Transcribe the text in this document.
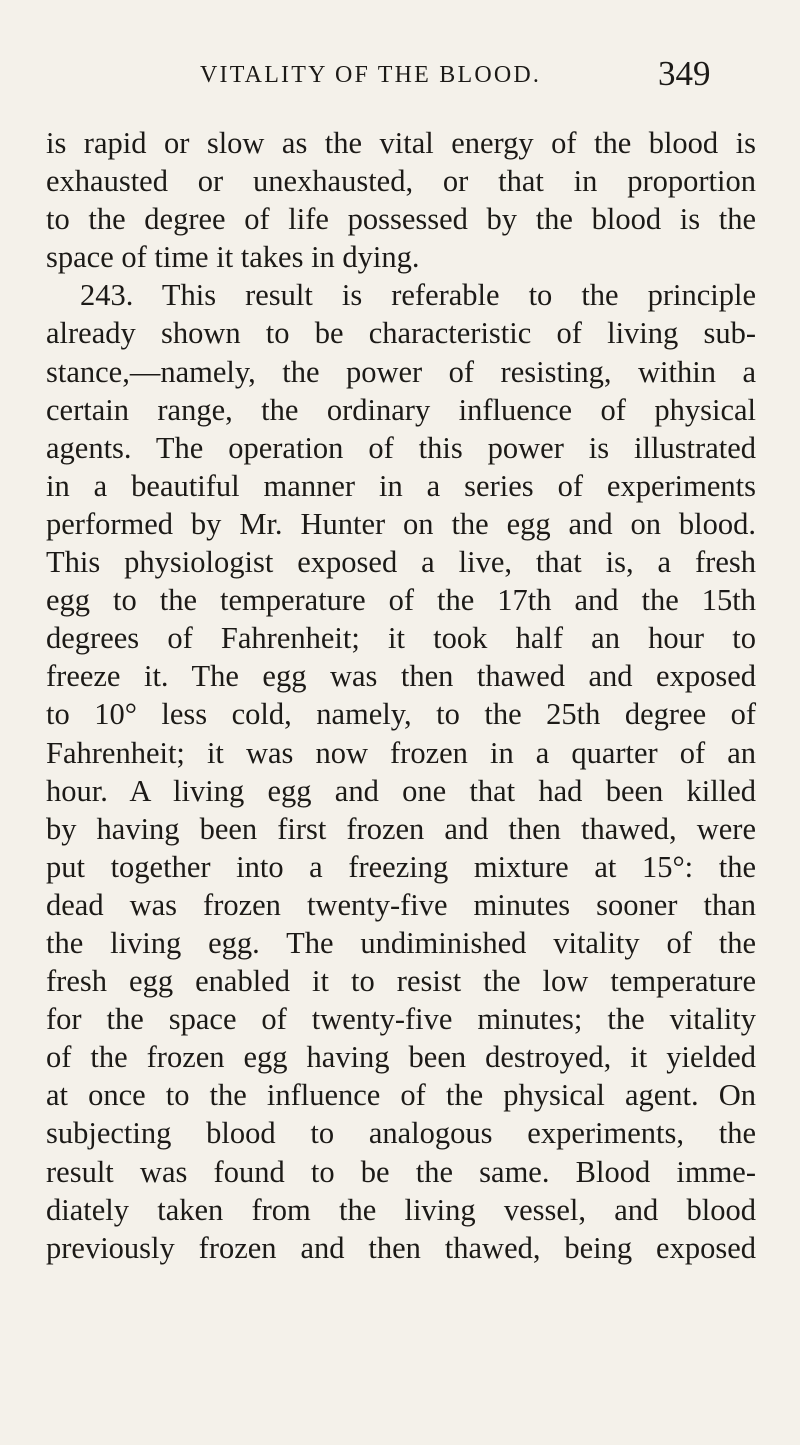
VITALITY OF THE BLOOD.	349
is rapid or slow as the vital energy of the blood is
exhausted or unexhausted, or that in proportion
to the degree of life possessed by the blood is the
space of time it takes in dying.
243. This result is referable to the principle
already shown to be characteristic of living sub-
stance,—namely, the power of resisting, within a
certain range, the ordinary influence of physical
agents. The operation of this power is illustrated
in a beautiful manner in a series of experiments
performed by Mr. Hunter on the egg and on blood.
This physiologist exposed a live, that is, a fresh
egg to the temperature of the 17th and the 15th
degrees of Fahrenheit; it took half an hour to
freeze it. The egg was then thawed and exposed
to 10° less cold, namely, to the 25th degree of
Fahrenheit; it was now frozen in a quarter of an
hour. A living egg and one that had been killed
by having been first frozen and then thawed, were
put together into a freezing mixture at 15°: the
dead was frozen twenty-five minutes sooner than
the living egg. The undiminished vitality of the
fresh egg enabled it to resist the low temperature
for the space of twenty-five minutes; the vitality
of the frozen egg having been destroyed, it yielded
at once to the influence of the physical agent. On
subjecting blood to analogous experiments, the
result was found to be the same. Blood imme-
diately taken from the living vessel, and blood
previously frozen and then thawed, being exposed
